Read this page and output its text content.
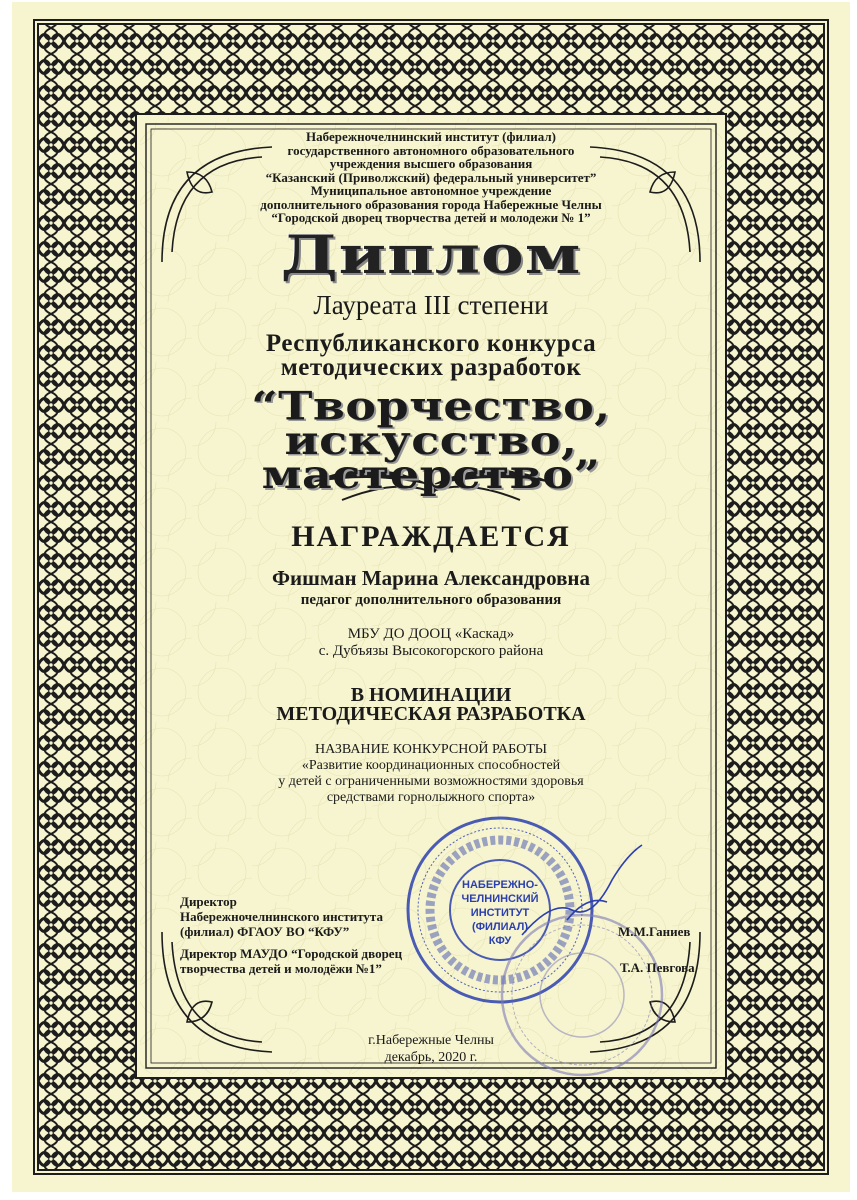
Набережночелнинский институт (филиал)
государственного автономного образовательного
учреждения высшего образования
“Казанский (Приволжский) федеральный университет”
Муниципальное автономное учреждение
дополнительного образования города Набережные Челны
“Городской дворец творчества детей и молодежи № 1”
Диплом
Лауреата III степени
Республиканского конкурса
методических разработок
“Творчество, искусство,
мастерство”
НАГРАЖДАЕТСЯ
Фишман Марина Александровна
педагог дополнительного образования
МБУ ДО ДООЦ «Каскад»
с. Дубъязы Высокогорского района
В НОМИНАЦИИ
МЕТОДИЧЕСКАЯ РАЗРАБОТКА
НАЗВАНИЕ КОНКУРСНОЙ РАБОТЫ
«Развитие координационных способностей
у детей с ограниченными возможностями здоровья
средствами горнолыжного спорта»
НАБЕРЕЖНО-
ЧЕЛНИНСКИЙ
ИНСТИТУТ
(ФИЛИАЛ)
КФУ
Директор
Набережночелнинского института
(филиал) ФГАОУ ВО “КФУ”	М.М.Ганиев
Директор МАУДО “Городской дворец
творчества детей и молодёжи №1”	Т.А. Певгова
г.Набережные Челны
декабрь, 2020 г.
